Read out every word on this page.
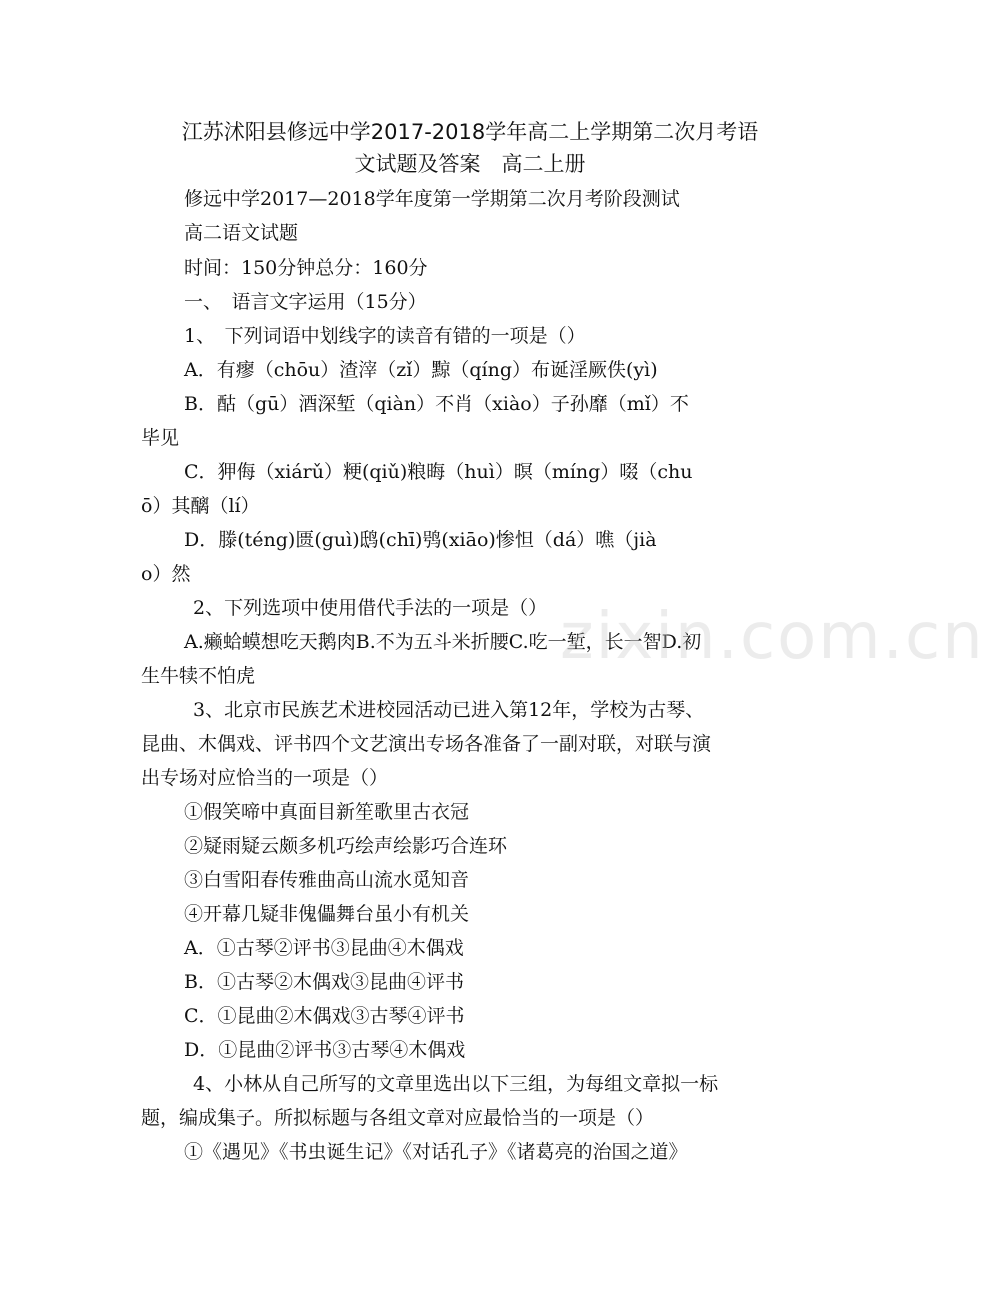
江苏沭阳县修远中学2017-2018学年高二上学期第二次月考语
文试题及答案　高二上册
修远中学2017—2018学年度第一学期第二次月考阶段测试
高二语文试题
时间：150分钟总分：160分
一、　语言文字运用（15分）
1、　下列词语中划线字的读音有错的一项是（）
A．有瘳（chōu）渣滓（zǐ）黥（qíng）布诞淫厥佚(yì)
B．酤（gū）酒深堑（qiàn）不肖（xiào）子孙靡（mǐ）不
毕见
C．狎侮（xiárǔ）粳(qiǔ)粮晦（huì）暝（míng）啜（chu
ō）其醨（lí）
D．滕(téng)匮(guì)鸱(chī)鸮(xiāo)惨怛（dá）噍（jià
o）然
2、下列选项中使用借代手法的一项是（）
A.癞蛤蟆想吃天鹅肉B.不为五斗米折腰C.吃一堑，长一智D.初
生牛犊不怕虎
3、北京市民族艺术进校园活动已进入第12年，学校为古琴、
昆曲、木偶戏、评书四个文艺演出专场各准备了一副对联，对联与演
出专场对应恰当的一项是（）
①假笑啼中真面目新笙歌里古衣冠
②疑雨疑云颇多机巧绘声绘影巧合连环
③白雪阳春传雅曲高山流水觅知音
④开幕几疑非傀儡舞台虽小有机关
A．①古琴②评书③昆曲④木偶戏
B．①古琴②木偶戏③昆曲④评书
C．①昆曲②木偶戏③古琴④评书
D．①昆曲②评书③古琴④木偶戏
4、小林从自己所写的文章里选出以下三组，为每组文章拟一标
题，编成集子。所拟标题与各组文章对应最恰当的一项是（）
①《遇见》《书虫诞生记》《对话孔子》《诸葛亮的治国之道》
zixin.com.cn
